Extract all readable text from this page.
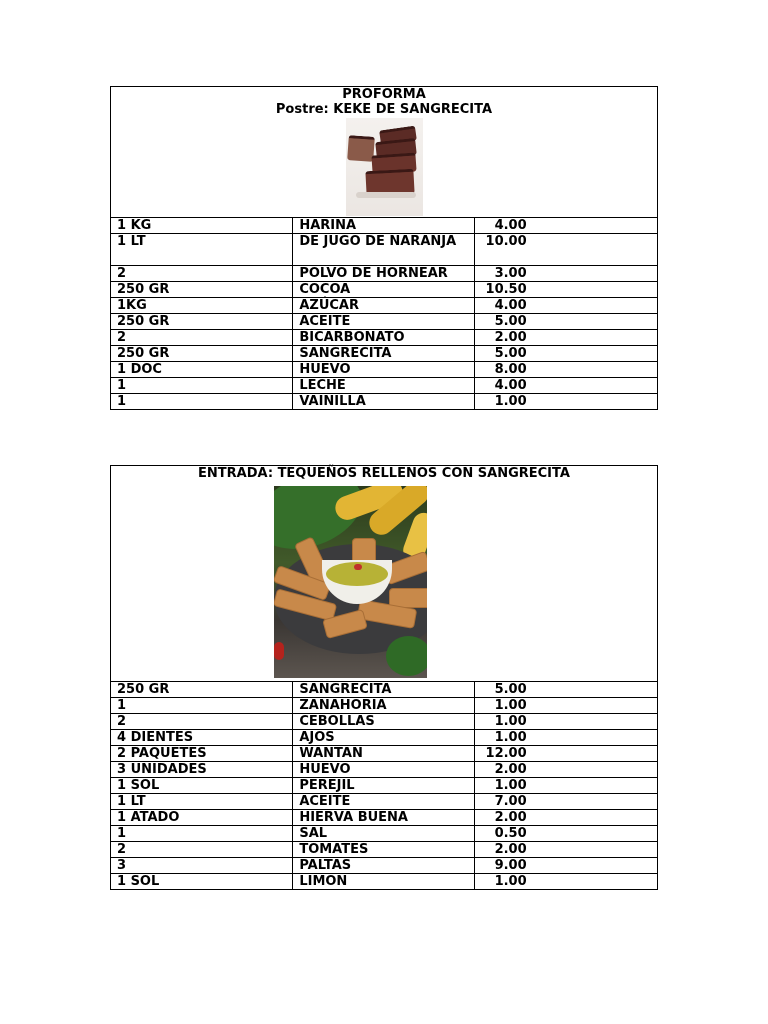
PROFORMA
Postre: KEKE DE SANGRECITA		

1 KG	HARINA	4.00
1 LT	DE JUGO DE NARANJA	10.00
2	POLVO DE HORNEAR	3.00
250 GR	COCOA	10.50
1KG	AZÚCAR	4.00
250 GR	ACEITE	5.00
2	BICARBONATO	2.00
250 GR	SANGRECITA	5.00
1 DOC	HUEVO	8.00
1	LECHE	4.00
1	VAINILLA	1.00
ENTRADA: TEQUEÑOS RELLENOS CON SANGRECITA		

250 GR	SANGRECITA	5.00
1	ZANAHORIA	1.00
2	CEBOLLAS	1.00
4 DIENTES	AJOS	1.00
2 PAQUETES	WANTAN	12.00
3 UNIDADES	HUEVO	2.00
1 SOL	PEREJIL	1.00
1 LT	ACEITE	7.00
1 ATADO	HIERVA BUENA	2.00
1	SAL	0.50
2	TOMATES	2.00
3	PALTAS	9.00
1 SOL	LIMON	1.00
